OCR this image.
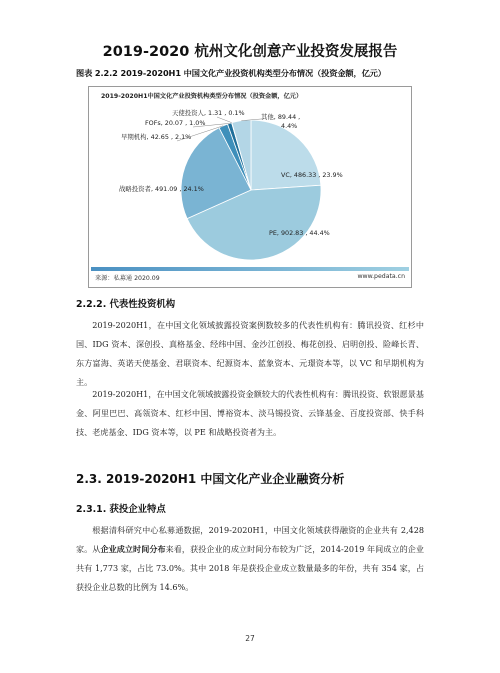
2019-2020 杭州文化创意产业投资发展报告
图表 2.2.2 2019-2020H1 中国文化产业投资机构类型分布情况（投资金额，亿元）
天使投资人, 1.31 , 0.1%
FOFs, 20.07 , 1.0%
早期机构, 42.65 , 2.1%
战略投资者, 491.09 , 24.1%
VC, 486.33 , 23.9%
PE, 902.83 , 44.4%
其他, 89.44 ,
4.4%
2019-2020H1中国文化产业投资机构类型分布情况（投资金额，亿元）
来源：私募通 2020.09	www.pedata.cn
2.2.2. 代表性投资机构
2019-2020H1，在中国文化领域披露投资案例数较多的代表性机构有：腾讯投资、红杉中国、IDG 资本、深创投、真格基金、经纬中国、金沙江创投、梅花创投、启明创投、险峰长青、东方富海、英诺天使基金、君联资本、纪源资本、蓝象资本、元璟资本等，以 VC 和早期机构为主。
2019-2020H1，在中国文化领域披露投资金额较大的代表性机构有：腾讯投资、软银愿景基金、阿里巴巴、高瓴资本、红杉中国、博裕资本、淡马锡投资、云锋基金、百度投资部、快手科技、老虎基金、IDG 资本等，以 PE 和战略投资者为主。
2.3. 2019-2020H1 中国文化产业企业融资分析
2.3.1. 获投企业特点
根据清科研究中心私募通数据，2019-2020H1，中国文化领域获得融资的企业共有 2,428 家。从企业成立时间分布来看，获投企业的成立时间分布较为广泛，2014-2019 年间成立的企业共有 1,773 家，占比 73.0%。其中 2018 年是获投企业成立数量最多的年份，共有 354 家，占获投企业总数的比例为 14.6%。
27
